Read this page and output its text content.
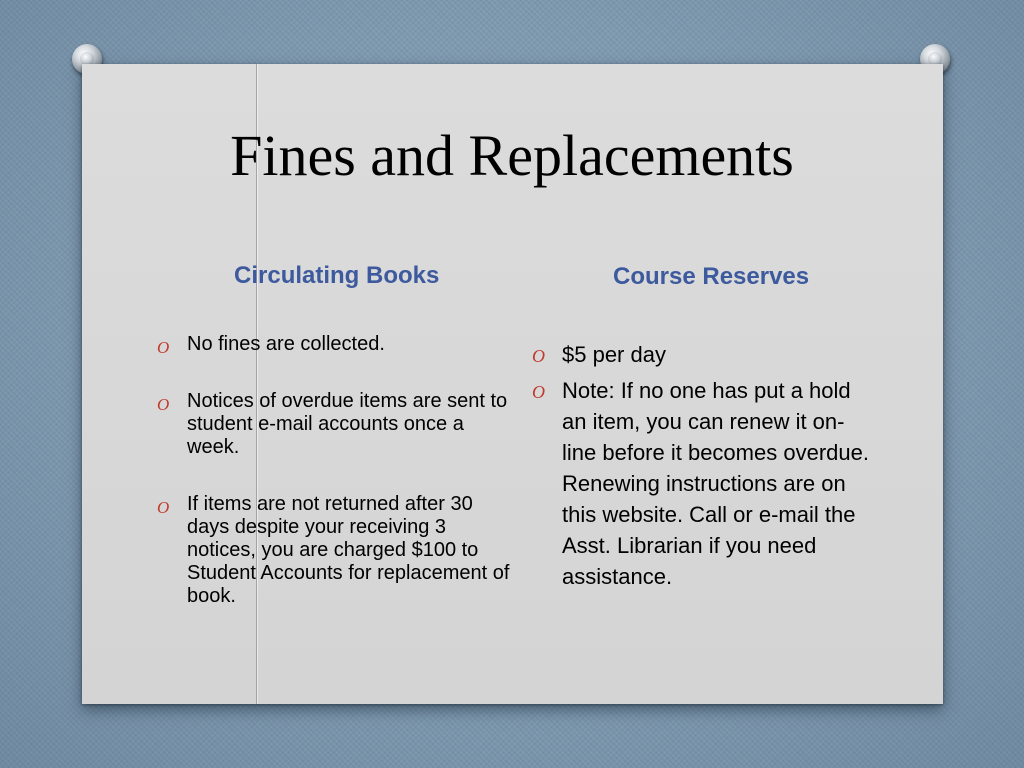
Fines and Replacements
Circulating Books	Course Reserves
O No fines are collected.
O Notices of overdue items are sent to student e-mail accounts once a week.
O If items are not returned after 30 days despite your receiving 3 notices, you are charged $100 to Student Accounts for replacement of book.
O $5 per day
O Note: If no one has put a hold an item, you can renew it on-line before it becomes overdue. Renewing instructions are on this website. Call or e-mail the Asst. Librarian if you need assistance.
